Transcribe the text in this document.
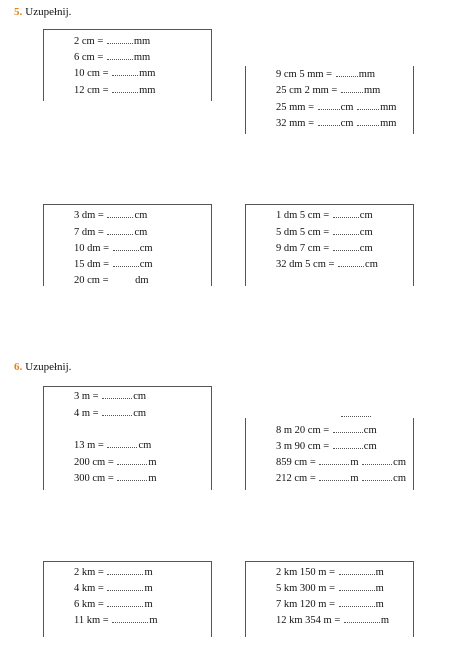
5. Uzupełnij.
6. Uzupełnij.
2 cm =	mm
6 cm =	mm
10 cm =	mm
12 cm =	mm
9 cm 5 mm = mm
25 cm 2 mm = mm
25 mm = cm mm
32 mm = cm mm
3 dm =	cm
7 dm =	cm
10 dm =	cm
15 dm =	cm
20 cm = dm
1 dm 5 cm =	cm
5 dm 5 cm =	cm
9 dm 7 cm =	cm
32 dm 5 cm =	cm
3 m =	cm
4 m =	cm
13 m =	cm
200 cm =	m
300 cm =	m
8 m 20 cm =	cm
3 m 90 cm =	cm
859 cm =	m	cm
212 cm =	m	cm
2 km =	m
4 km =	m
6 km =	m
11 km =	m
2 km 150 m =	m
5 km 300 m =	m
7 km 120 m =	m
12 km 354 m =	m
